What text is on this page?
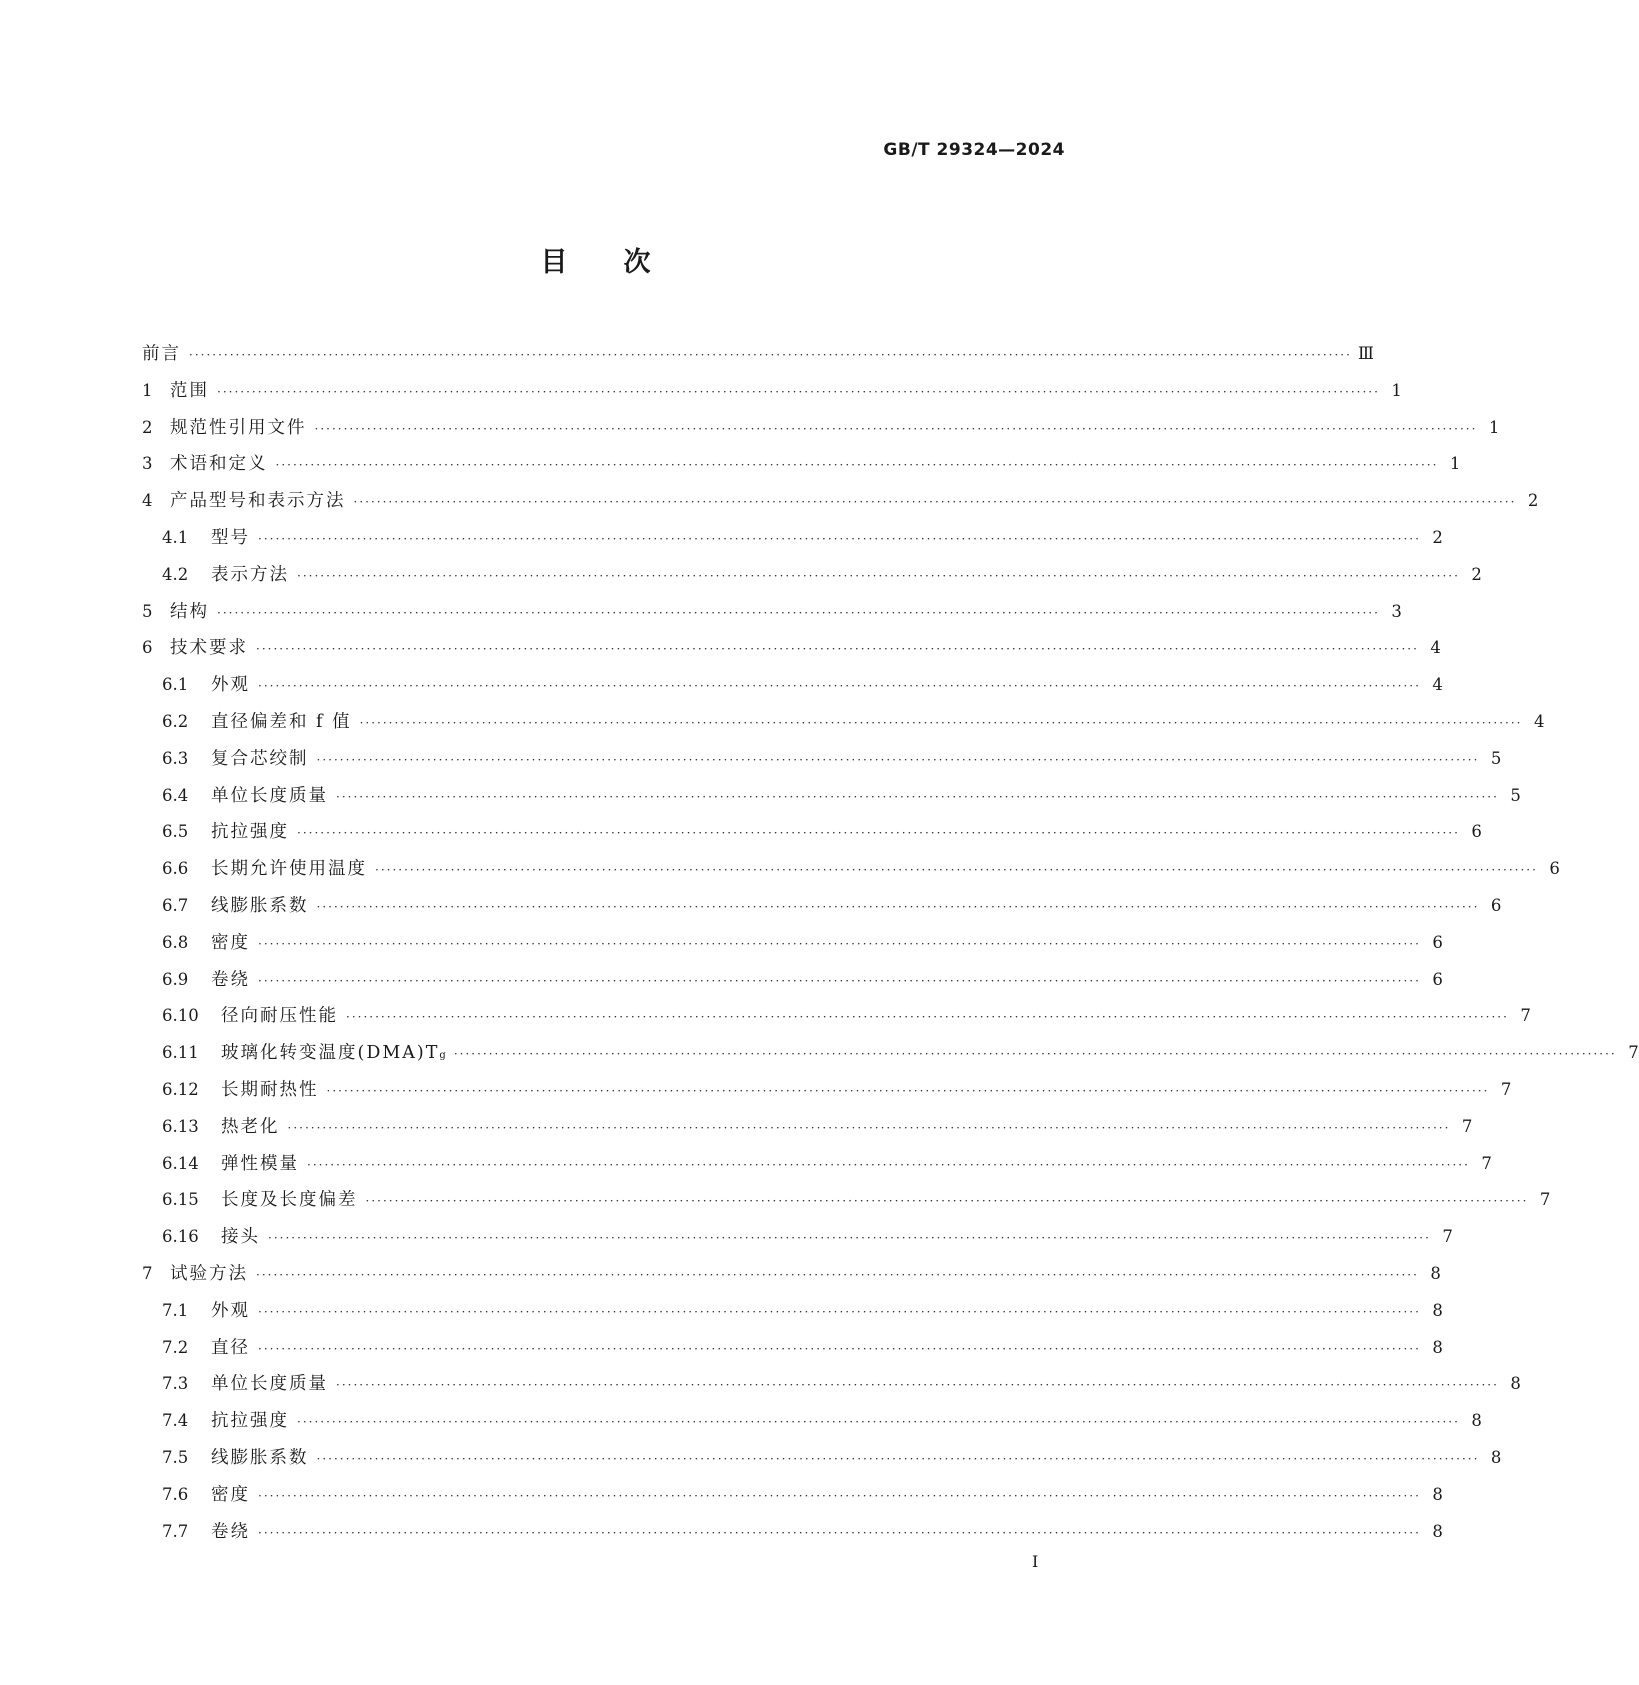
GB/T 29324—2024
目次
前言 ········································································································································································································ Ⅲ
1	范围 ········································································································································································································ 1
2	规范性引用文件 ········································································································································································································ 1
3	术语和定义 ········································································································································································································ 1
4	产品型号和表示方法 ········································································································································································································ 2
4.1	型号 ········································································································································································································ 2
4.2	表示方法 ········································································································································································································ 2
5	结构 ········································································································································································································ 3
6	技术要求 ········································································································································································································ 4
6.1	外观 ········································································································································································································ 4
6.2	直径偏差和 f 值 ········································································································································································································ 4
6.3	复合芯绞制 ········································································································································································································ 5
6.4	单位长度质量 ········································································································································································································ 5
6.5	抗拉强度 ········································································································································································································ 6
6.6	长期允许使用温度 ········································································································································································································ 6
6.7	线膨胀系数 ········································································································································································································ 6
6.8	密度 ········································································································································································································ 6
6.9	卷绕 ········································································································································································································ 6
6.10	径向耐压性能 ········································································································································································································ 7
6.11	玻璃化转变温度(DMA)T g ········································································································································································································ 7
6.12	长期耐热性 ········································································································································································································ 7
6.13	热老化 ········································································································································································································ 7
6.14	弹性模量 ········································································································································································································ 7
6.15	长度及长度偏差 ········································································································································································································ 7
6.16	接头 ········································································································································································································ 7
7	试验方法 ········································································································································································································ 8
7.1	外观 ········································································································································································································ 8
7.2	直径 ········································································································································································································ 8
7.3	单位长度质量 ········································································································································································································ 8
7.4	抗拉强度 ········································································································································································································ 8
7.5	线膨胀系数 ········································································································································································································ 8
7.6	密度 ········································································································································································································ 8
7.7	卷绕 ········································································································································································································ 8
I
